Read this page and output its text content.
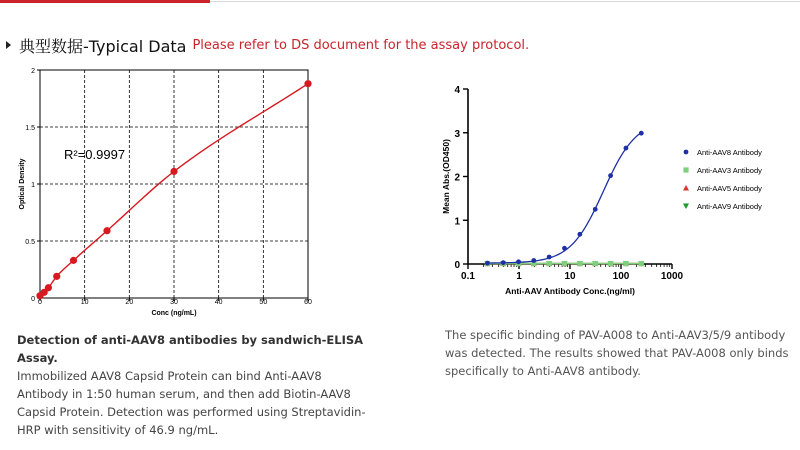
典型数据-Typical Data Please refer to DS document for the assay protocol.
0	10	20	30	40	50	60
0
0.5
1
1.5
2
Conc (ng/mL)
Optical Density
R²=0.9997
0.1	1	10	100	1000
0
1
2
3
4
Anti-AAV Antibody Conc.(ng/ml)
Mean Abs.(OD450)	Anti-AAV8 Antibody
Anti-AAV3 Antibody
Anti-AAV5 Antibody
Anti-AAV9 Antibody
Detection of anti-AAV8 antibodies by sandwich-ELISA Assay.
Immobilized AAV8 Capsid Protein can bind Anti-AAV8 Antibody in 1:50 human serum, and then add Biotin-AAV8 Capsid Protein. Detection was performed using Streptavidin-HRP with sensitivity of 46.9 ng/mL.
The specific binding of PAV-A008 to Anti-AAV3/5/9 antibody was detected. The results showed that PAV-A008 only binds specifically to Anti-AAV8 antibody.
